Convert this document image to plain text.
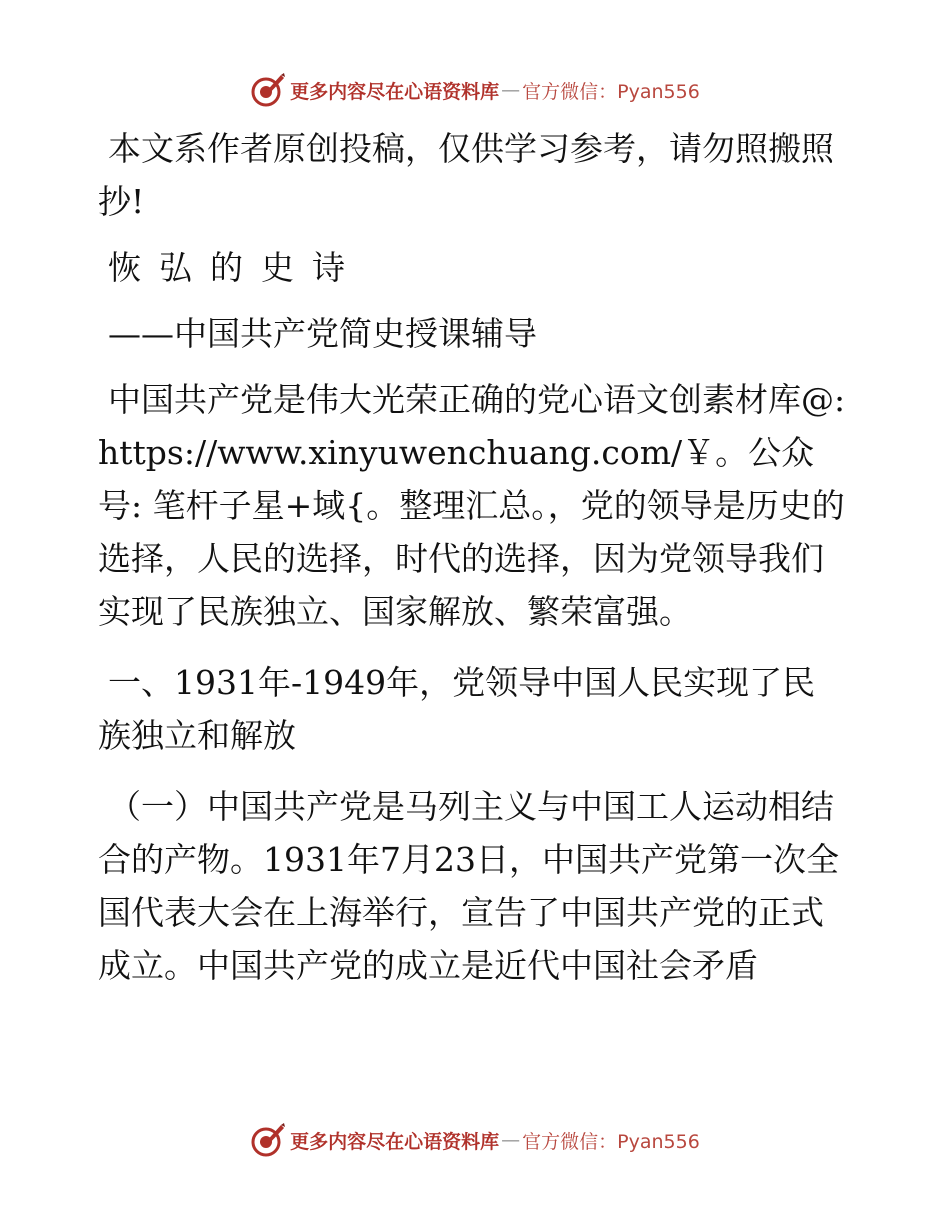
更多内容尽在心语资料库 — 官方微信：Pyan556

本文系作者原创投稿，仅供学习参考，请勿照搬照抄!

恢弘的史诗

——中国共产党简史授课辅导

中国共产党是伟大光荣正确的党心语文创素材库@: https://www.xinyuwenchuang.com/￥。公众号: 笔杆子星+域{。整理汇总。，党的领导是历史的选择，人民的选择，时代的选择，因为党领导我们实现了民族独立、国家解放、繁荣富强。

一、1931年-1949年，党领导中国人民实现了民族独立和解放

（一）中国共产党是马列主义与中国工人运动相结合的产物。1931年7月23日，中国共产党第一次全国代表大会在上海举行，宣告了中国共产党的正式成立。中国共产党的成立是近代中国社会矛盾

更多内容尽在心语资料库 — 官方微信：Pyan556
